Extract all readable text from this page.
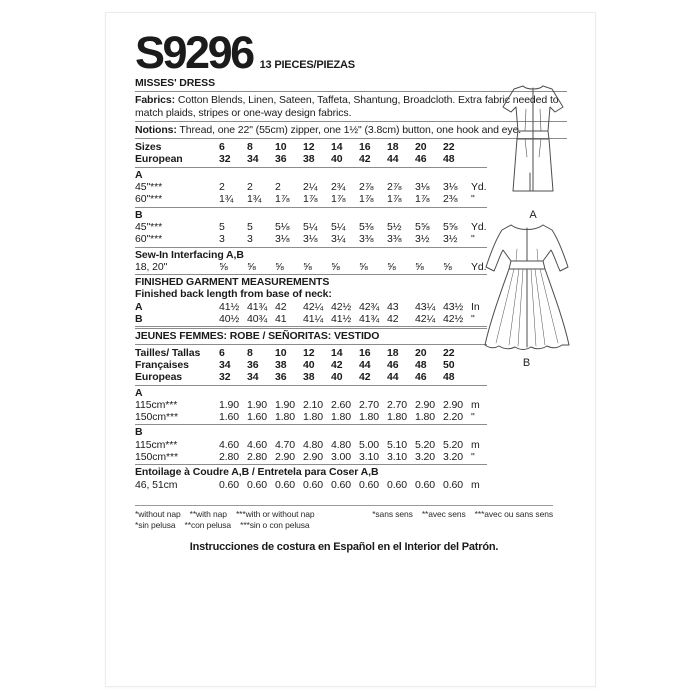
S9296 13 PIECES/PIEZAS
MISSES' DRESS
Fabrics: Cotton Blends, Linen, Sateen, Taffeta, Shantung, Broadcloth. Extra fabric needed to match plaids, stripes or one-way design fabrics.
Notions: Thread, one 22" (55cm) zipper, one 1½" (3.8cm) button, one hook and eye.
Sizes	6	8	10	12	14	16	18	20	22
European	32	34	36	38	40	42	44	46	48
A
45"***	2	2	2	2¼	2¾	2⅞	2⅞	3⅛	3⅛	Yd.
60"***	1¾	1¾	1⅞	1⅞	1⅞	1⅞	1⅞	1⅞	2⅜	"
B
45"***	5	5	5⅛	5¼	5¼	5⅜	5½	5⅝	5⅝	Yd.
60"***	3	3	3⅛	3⅛	3¼	3⅜	3⅜	3½	3½	"
Sew-In Interfacing A,B
18, 20"	⅝	⅝	⅝	⅝	⅝	⅝	⅝	⅝	⅝	Yd.
FINISHED GARMENT MEASUREMENTS
Finished back length from base of neck:
A	41½ 41¾ 42	42¼ 42½ 42¾ 43	43¼ 43½ In
B	40½ 40¾ 41	41¼ 41½ 41¾ 42	42¼ 42½ "
JEUNES FEMMES: ROBE / SEÑORITAS: VESTIDO
Tailles/ Tallas	6	8	10	12	14	16	18	20	22
Françaises	34	36	38	40	42	44	46	48	50
Europeas	32	34	36	38	40	42	44	46	48
A
115cm***	1.90 1.90 1.90 2.10 2.60 2.70 2.70 2.90 2.90 m
150cm***	1.60 1.60 1.80 1.80 1.80 1.80 1.80 1.80 2.20 "
B
115cm***	4.60 4.60 4.70 4.80 4.80 5.00 5.10 5.20 5.20 m
150cm***	2.80 2.80 2.90 2.90 3.00 3.10 3.10 3.20 3.20 "
Entoilage à Coudre A,B / Entretela para Coser A,B
46, 51cm	0.60 0.60 0.60 0.60 0.60 0.60 0.60 0.60 0.60 m
*without nap    **with nap    ***with or without nap
*sin pelusa    **con pelusa    ***sin o con pelusa
*sans sens    **avec sens    ***avec ou sans sens
Instrucciones de costura en Español en el Interior del Patrón.
A
B
